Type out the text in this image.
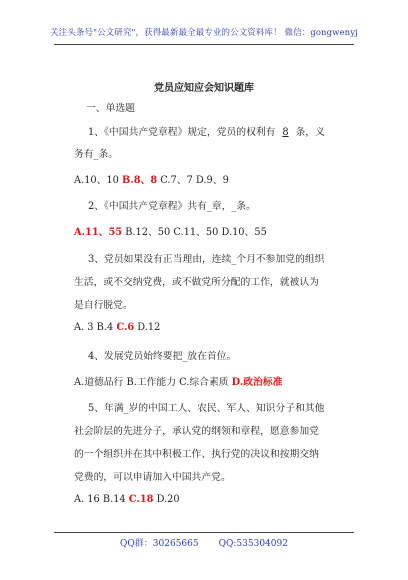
关注头条号"公文研究"，获得最新最全最专业的公文资料库！ 微信：gongwenyj
党员应知应会知识题库
一、单选题
1、《中国共产党章程》规定，党员的权利有 8 条，义
务有_条。
A.10、10 B.8、8 C.7、7 D.9、9
2、《中国共产党章程》共有_章，_条。
A.11、55 B.12、50 C.11、50 D.10、55
3、党员如果没有正当理由，连续_个月不参加党的组织
生活，或不交纳党费，或不做党所分配的工作，就被认为
是自行脱党。
A. 3 B.4 C.6 D.12
4、发展党员始终要把_放在首位。
A.道德品行 B.工作能力 C.综合素质 D.政治标准
5、年满_岁的中国工人、农民、军人、知识分子和其他
社会阶层的先进分子，承认党的纲领和章程，愿意参加党
的一个组织并在其中积极工作、执行党的决议和按期交纳
党费的，可以申请加入中国共产党。
A. 16 B.14 C.18 D.20
QQ群：30265665 QQ:535304092
